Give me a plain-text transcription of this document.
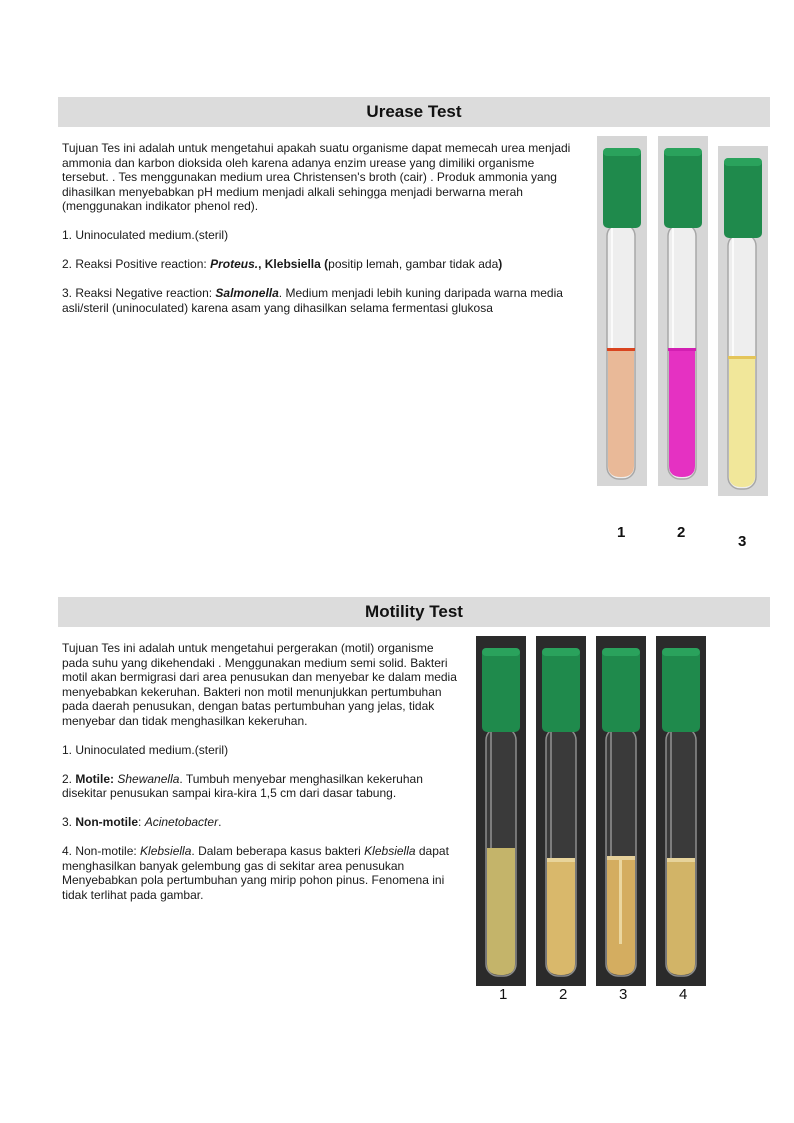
Urease Test

Tujuan Tes ini adalah untuk mengetahui apakah suatu organisme dapat memecah urea menjadi ammonia dan karbon dioksida oleh karena adanya enzim urease yang dimiliki organisme tersebut. . Tes menggunakan medium urea Christensen's broth (cair) . Produk ammonia yang dihasilkan menyebabkan pH medium menjadi alkali sehingga menjadi berwarna merah (menggunakan indikator phenol red).

1. Uninoculated medium.(steril)

2. Reaksi Positive reaction: Proteus., Klebsiella (positip lemah, gambar tidak ada)

3. Reaksi Negative reaction: Salmonella. Medium menjadi lebih kuning daripada warna media asli/steril (uninoculated) karena asam yang dihasilkan selama fermentasi glukosa

1	2
3
Motility Test

Tujuan Tes ini adalah untuk mengetahui pergerakan (motil) organisme pada suhu yang dikehendaki . Menggunakan medium semi solid. Bakteri motil akan bermigrasi dari area penusukan dan menyebar ke dalam media menyebabkan kekeruhan. Bakteri non motil menunjukkan pertumbuhan pada daerah penusukan, dengan batas pertumbuhan yang jelas, tidak menyebar dan tidak menghasilkan kekeruhan.

1. Uninoculated medium.(steril)

2. Motile: Shewanella. Tumbuh menyebar menghasilkan kekeruhan disekitar penusukan sampai kira-kira 1,5 cm dari dasar tabung.

3. Non-motile: Acinetobacter.

4. Non-motile: Klebsiella. Dalam beberapa kasus bakteri Klebsiella dapat menghasilkan banyak gelembung gas di sekitar area penusukan Menyebabkan pola pertumbuhan yang mirip pohon pinus. Fenomena ini tidak terlihat pada gambar.

1	2	3	4
